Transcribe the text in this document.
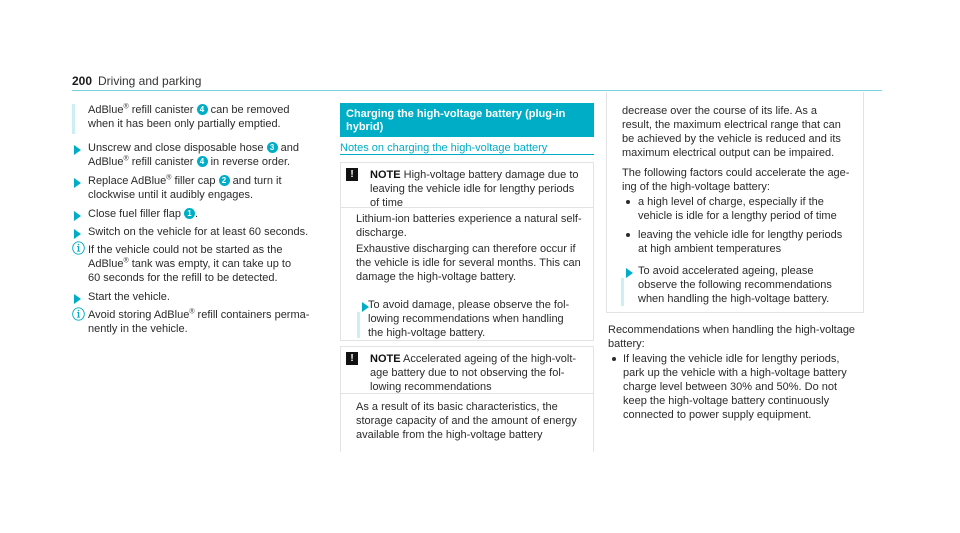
200 Driving and parking
AdBlue® refill canister 4 can be removed
when it has been only partially emptied.
Unscrew and close disposable hose 3 and
AdBlue® refill canister 4 in reverse order.
Replace AdBlue® filler cap 2 and turn it
clockwise until it audibly engages.
Close fuel filler flap 1 .
Switch on the vehicle for at least 60 seconds.
ⓘ If the vehicle could not be started as the
AdBlue® tank was empty, it can take up to
60 seconds for the refill to be detected.
Start the vehicle.
ⓘ Avoid storing AdBlue® refill containers perma-
nently in the vehicle.
Charging the high-voltage battery (plug-in
hybrid)
Notes on charging the high-voltage battery
!	NOTE High-voltage battery damage due to
leaving the vehicle idle for lengthy periods
of time
Lithium-ion batteries experience a natural self-
discharge.
Exhaustive discharging can therefore occur if
the vehicle is idle for several months. This can
damage the high-voltage battery.
To avoid damage, please observe the fol-
lowing recommendations when handling
the high-voltage battery.
!	NOTE Accelerated ageing of the high-volt-
age battery due to not observing the fol-
lowing recommendations
As a result of its basic characteristics, the
storage capacity of and the amount of energy
available from the high-voltage battery
decrease over the course of its life. As a
result, the maximum electrical range that can
be achieved by the vehicle is reduced and its
maximum electrical output can be impaired.
The following factors could accelerate the age-
ing of the high-voltage battery:
a high level of charge, especially if the
vehicle is idle for a lengthy period of time
leaving the vehicle idle for lengthy periods
at high ambient temperatures
To avoid accelerated ageing, please
observe the following recommendations
when handling the high-voltage battery.
Recommendations when handling the high-voltage
battery:
If leaving the vehicle idle for lengthy periods,
park up the vehicle with a high-voltage battery
charge level between 30% and 50%. Do not
keep the high-voltage battery continuously
connected to power supply equipment.
